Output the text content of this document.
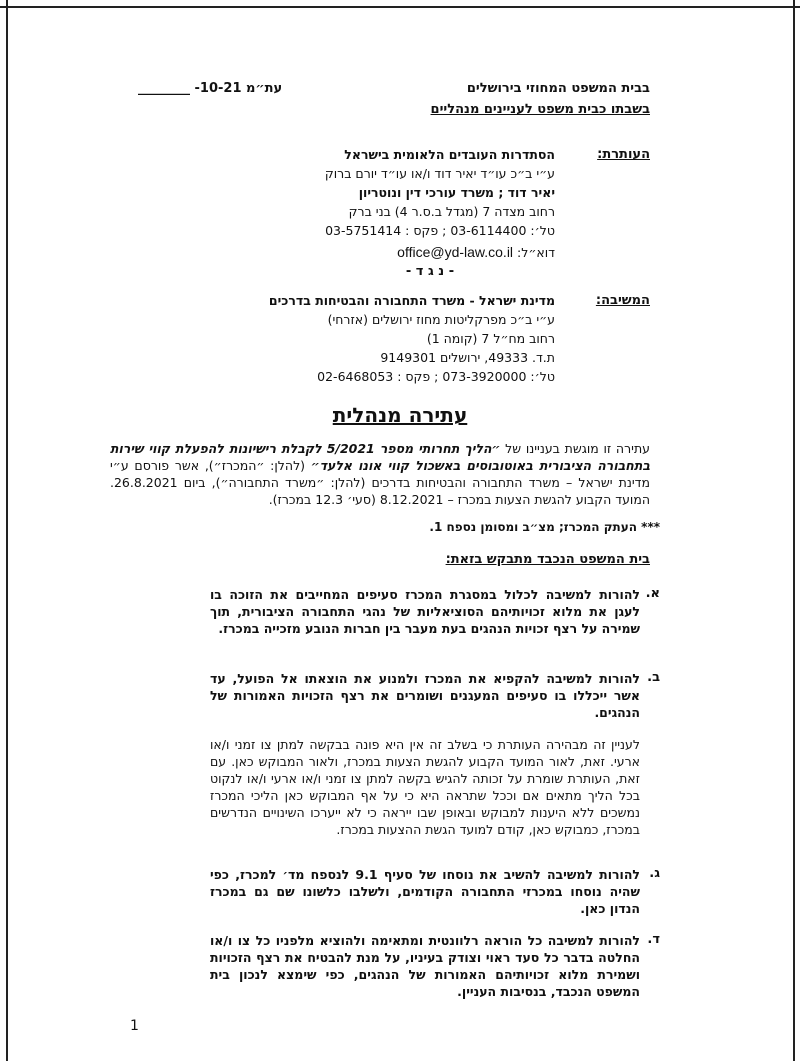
בבית המשפט המחוזי בירושלים
בשבתו כבית משפט לעניינים מנהליים
עת״מ 10-21- ________
העותרת:
הסתדרות העובדים הלאומית בישראל
ע״י ב״כ עו״ד יאיר דוד ו/או עו״ד יורם ברוק
יאיר דוד ; משרד עורכי דין ונוטריון
רחוב מצדה 7 (מגדל ב.ס.ר 4) בני ברק
טל׳: 03-6114400 ; פקס : 03-5751414
דוא״ל: office@yd-law.co.il
- נ ג ד -
המשיבה:
מדינת ישראל - משרד התחבורה והבטיחות בדרכים
ע״י ב״כ מפרקליטות מחוז ירושלים (אזרחי)
רחוב מח״ל 7 (קומה 1)
ת.ד. 49333, ירושלים 9149301
טל׳: 073-3920000 ; פקס : 02-6468053
עתירה מנהלית
עתירה זו מוגשת בעניינו של ״הליך תחרותי מספר 5/2021 לקבלת רישיונות להפעלת קווי שירות בתחבורה הציבורית באוטובוסים באשכול קווי אונו אלעד״ (להלן: ״המכרז״), אשר פורסם ע״י מדינת ישראל – משרד התחבורה והבטיחות בדרכים (להלן: ״משרד התחבורה״), ביום 26.8.2021. המועד הקבוע להגשת הצעות במכרז – 8.12.2021 (סעי׳ 12.3 במכרז).
*** העתק המכרז; מצ״ב ומסומן נספח 1.
בית המשפט הנכבד מתבקש בזאת:
א.
להורות למשיבה לכלול במסגרת המכרז סעיפים המחייבים את הזוכה בו לעגן את מלוא זכויותיהם הסוציאליות של נהגי התחבורה הציבורית, תוך שמירה על רצף זכויות הנהגים בעת מעבר בין חברות הנובע מזכייה במכרז.
ב.
להורות למשיבה להקפיא את המכרז ולמנוע את הוצאתו אל הפועל, עד אשר ייכללו בו סעיפים המעגנים ושומרים את רצף הזכויות האמורות של הנהגים.
לעניין זה מבהירה העותרת כי בשלב זה אין היא פונה בבקשה למתן צו זמני ו/או ארעי. זאת, לאור המועד הקבוע להגשת הצעות במכרז, ולאור המבוקש כאן. עם זאת, העותרת שומרת על זכותה להגיש בקשה למתן צו זמני ו/או ארעי ו/או לנקוט בכל הליך מתאים אם וככל שתראה היא כי על אף המבוקש כאן הליכי המכרז נמשכים ללא היענות למבוקש ובאופן שבו ייראה כי לא ייערכו השינויים הנדרשים במכרז, כמבוקש כאן, קודם למועד הגשת ההצעות במכרז.
ג.
להורות למשיבה להשיב את נוסחו של סעיף 9.1 לנספח מד׳ למכרז, כפי שהיה נוסחו במכרזי התחבורה הקודמים, ולשלבו כלשונו שם גם במכרז הנדון כאן.
ד.
להורות למשיבה כל הוראה רלוונטית ומתאימה ולהוציא מלפניו כל צו ו/או החלטה בדבר כל סעד ראוי וצודק בעיניו, על מנת להבטיח את רצף הזכויות ושמירת מלוא זכויותיהם האמורות של הנהגים, כפי שימצא לנכון בית המשפט הנכבד, בנסיבות העניין.
1
